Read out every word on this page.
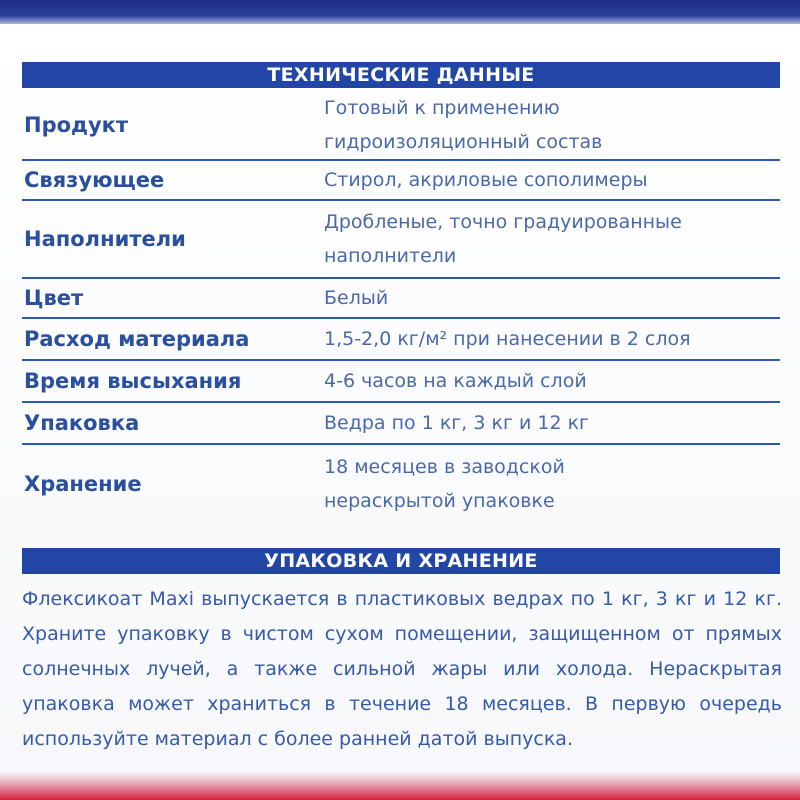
ТЕХНИЧЕСКИЕ ДАННЫЕ
Продукт	Готовый к применению
гидроизоляционный состав

Связующее	Стирол, акриловые сополимеры

Наполнители	Дробленые, точно градуированные
наполнители

Цвет	Белый

Расход материала	1,5-2,0 кг/м² при нанесении в 2 слоя

Время высыхания	4-6 часов на каждый слой

Упаковка	Ведра по 1 кг, 3 кг и 12 кг

Хранение	18 месяцев в заводской
нераскрытой упаковке
УПАКОВКА И ХРАНЕНИЕ
Флексикоат Maxi выпускается в пластиковых ведрах по 1 кг, 3 кг и 12 кг. Храните упаковку в чистом сухом помещении, защищенном от прямых солнечных лучей, а также сильной жары или холода. Нераскрытая упаковка может храниться в течение 18 месяцев. В первую очередь используйте материал с более ранней датой выпуска.
